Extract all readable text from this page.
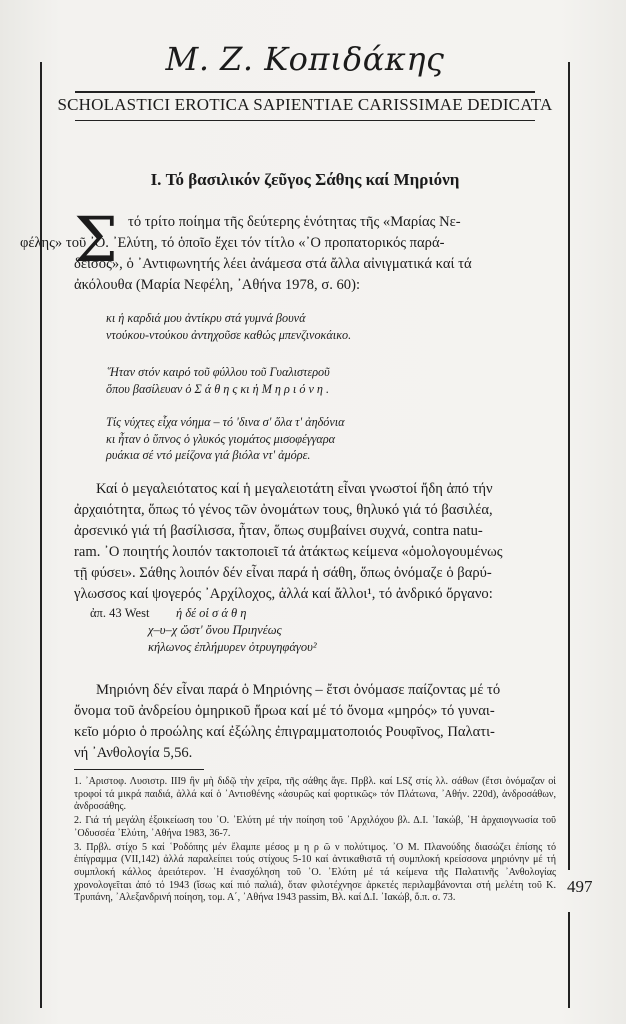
Μ. Ζ. Κοπιδάκης
SCHOLASTICI EROTICA SAPIENTIAE CARISSIMAE DEDICATA
I. Τό βασιλικόν ζεῦγος Σάθης καί Μηριόνη
Σ τό τρίτο ποίημα τῆς δεύτερης ἑνότητας τῆς «Μαρίας Νε-
φέλης» τοῦ ᾿Ο. ᾿Ελύτη, τό ὁποῖο ἔχει τόν τίτλο «᾿Ο προπατορικός παρά-
δεισος», ὁ ᾿Αντιφωνητής λέει ἀνάμεσα στά ἄλλα αἰνιγματικά καί τά
ἀκόλουθα (Μαρία Νεφέλη, ᾿Αθήνα 1978, σ. 60):
κι ἡ καρδιά μου ἀντίκρυ στά γυμνά βουνά
ντούκου-ντούκου ἀντηχοῦσε καθώς μπενζινοκάικο.
῞Ηταν στόν καιρό τοῦ φύλλου τοῦ Γυαλιστεροῦ
ὅπου βασίλευαν ὁ Σ ά θ η ς κι ἡ Μ η ρ ι ό ν η .
Τίς νύχτες εἶχα νόημα – τό 'δινα σ' ὅλα τ' ἀηδόνια
κι ἦταν ὁ ὕπνος ὁ γλυκός γιομάτος μισοφέγγαρα
ρυάκια σέ ντό μείζονα γιά βιόλα ντ' ἀμόρε.
Καί ὁ μεγαλειότατος καί ἡ μεγαλειοτάτη εἶναι γνωστοί ἤδη ἀπό τήν
ἀρχαιότητα, ὅπως τό γένος τῶν ὀνομάτων τους, θηλυκό γιά τό βασιλέα,
ἀρσενικό γιά τή βασίλισσα, ἦταν, ὅπως συμβαίνει συχνά, contra natu-
ram. ᾿Ο ποιητής λοιπόν τακτοποιεῖ τά ἀτάκτως κείμενα «ὁμολογουμένως
τῇ φύσει». Σάθης λοιπόν δέν εἶναι παρά ἡ σάθη, ὅπως ὀνόμαζε ὁ βαρύ-
γλωσσος καί ψογερός ᾿Αρχίλοχος, ἀλλά καί ἄλλοι¹, τό ἀνδρικό ὄργανο:
ἀπ. 43 West ἡ δέ οἱ σ ά θ η
χ–υ–χ ὥστ' ὄνου Πριηνέως
κήλωνος ἐπλήμυρεν ὀτρυγηφάγου²
Μηριόνη δέν εἶναι παρά ὁ Μηριόνης – ἔτσι ὀνόμασε παίζοντας μέ τό
ὄνομα τοῦ ἀνδρείου ὁμηρικοῦ ἥρωα καί μέ τό ὄνομα «μηρός» τό γυναι-
κεῖο μόριο ὁ προώλης καί ἐξώλης ἐπιγραμματοποιός Ρουφῖνος, Παλατι-
νή ᾿Ανθολογία 5,56.

1. ᾿Αριστοφ. Λυσιστρ. ΙΙΙ9 ἢν μὴ διδῷ τὴν χεῖρα, τῆς σάθης ἄγε. Πρβλ. καί LSζ στίς λλ. σάθων (ἔτσι ὀνόμαζαν οἱ τροφοί τά μικρά παιδιά, ἀλλά καί ὁ ᾿Αντισθένης «ἀσυρῶς καί φορτικῶς» τόν Πλάτωνα, ᾿Αθήν. 220d), ἀνδροσάθων, ἀνδροσάθης.

2. Γιά τή μεγάλη ἐξοικείωση του ᾿Ο. ᾿Ελύτη μέ τήν ποίηση τοῦ ᾿Αρχιλόχου βλ. Δ.Ι. ᾿Ιακώβ, ῾Η ἀρχαιογνωσία τοῦ ᾿Οδυσσέα ᾿Ελύτη, ᾿Αθήνα 1983, 36-7.

3. Πρβλ. στίχο 5 καί ῾Ροδόπης μέν ἔλαμπε μέσος μ η ρ ῶ ν πολύτιμος. ᾿Ο Μ. Πλανούδης διασώζει ἐπίσης τό ἐπίγραμμα (VII,142) ἀλλά παραλείπει τούς στίχους 5-10 καί ἀντικαθιστᾶ τή συμπλοκή κρείσσονα μηριόνην μέ τή συμπλοκή κάλλος ἀρειότερον. ῾Η ἐνασχόληση τοῦ ᾿Ο. ᾿Ελύτη μέ τά κείμενα τῆς Παλατινῆς ᾿Ανθολογίας χρονολογεῖται ἀπό τό 1943 (ἴσως καί πιό παλιά), ὅταν φιλοτέχνησε ἀρκετές περιλαμβάνονται στή μελέτη τοῦ Κ. Τρυπάνη, ᾿Αλεξανδρινή ποίηση, τομ. Α΄, ᾿Αθήνα 1943 passim, Βλ. καί Δ.Ι. ᾿Ιακώβ, ὅ.π. σ. 73.

497
